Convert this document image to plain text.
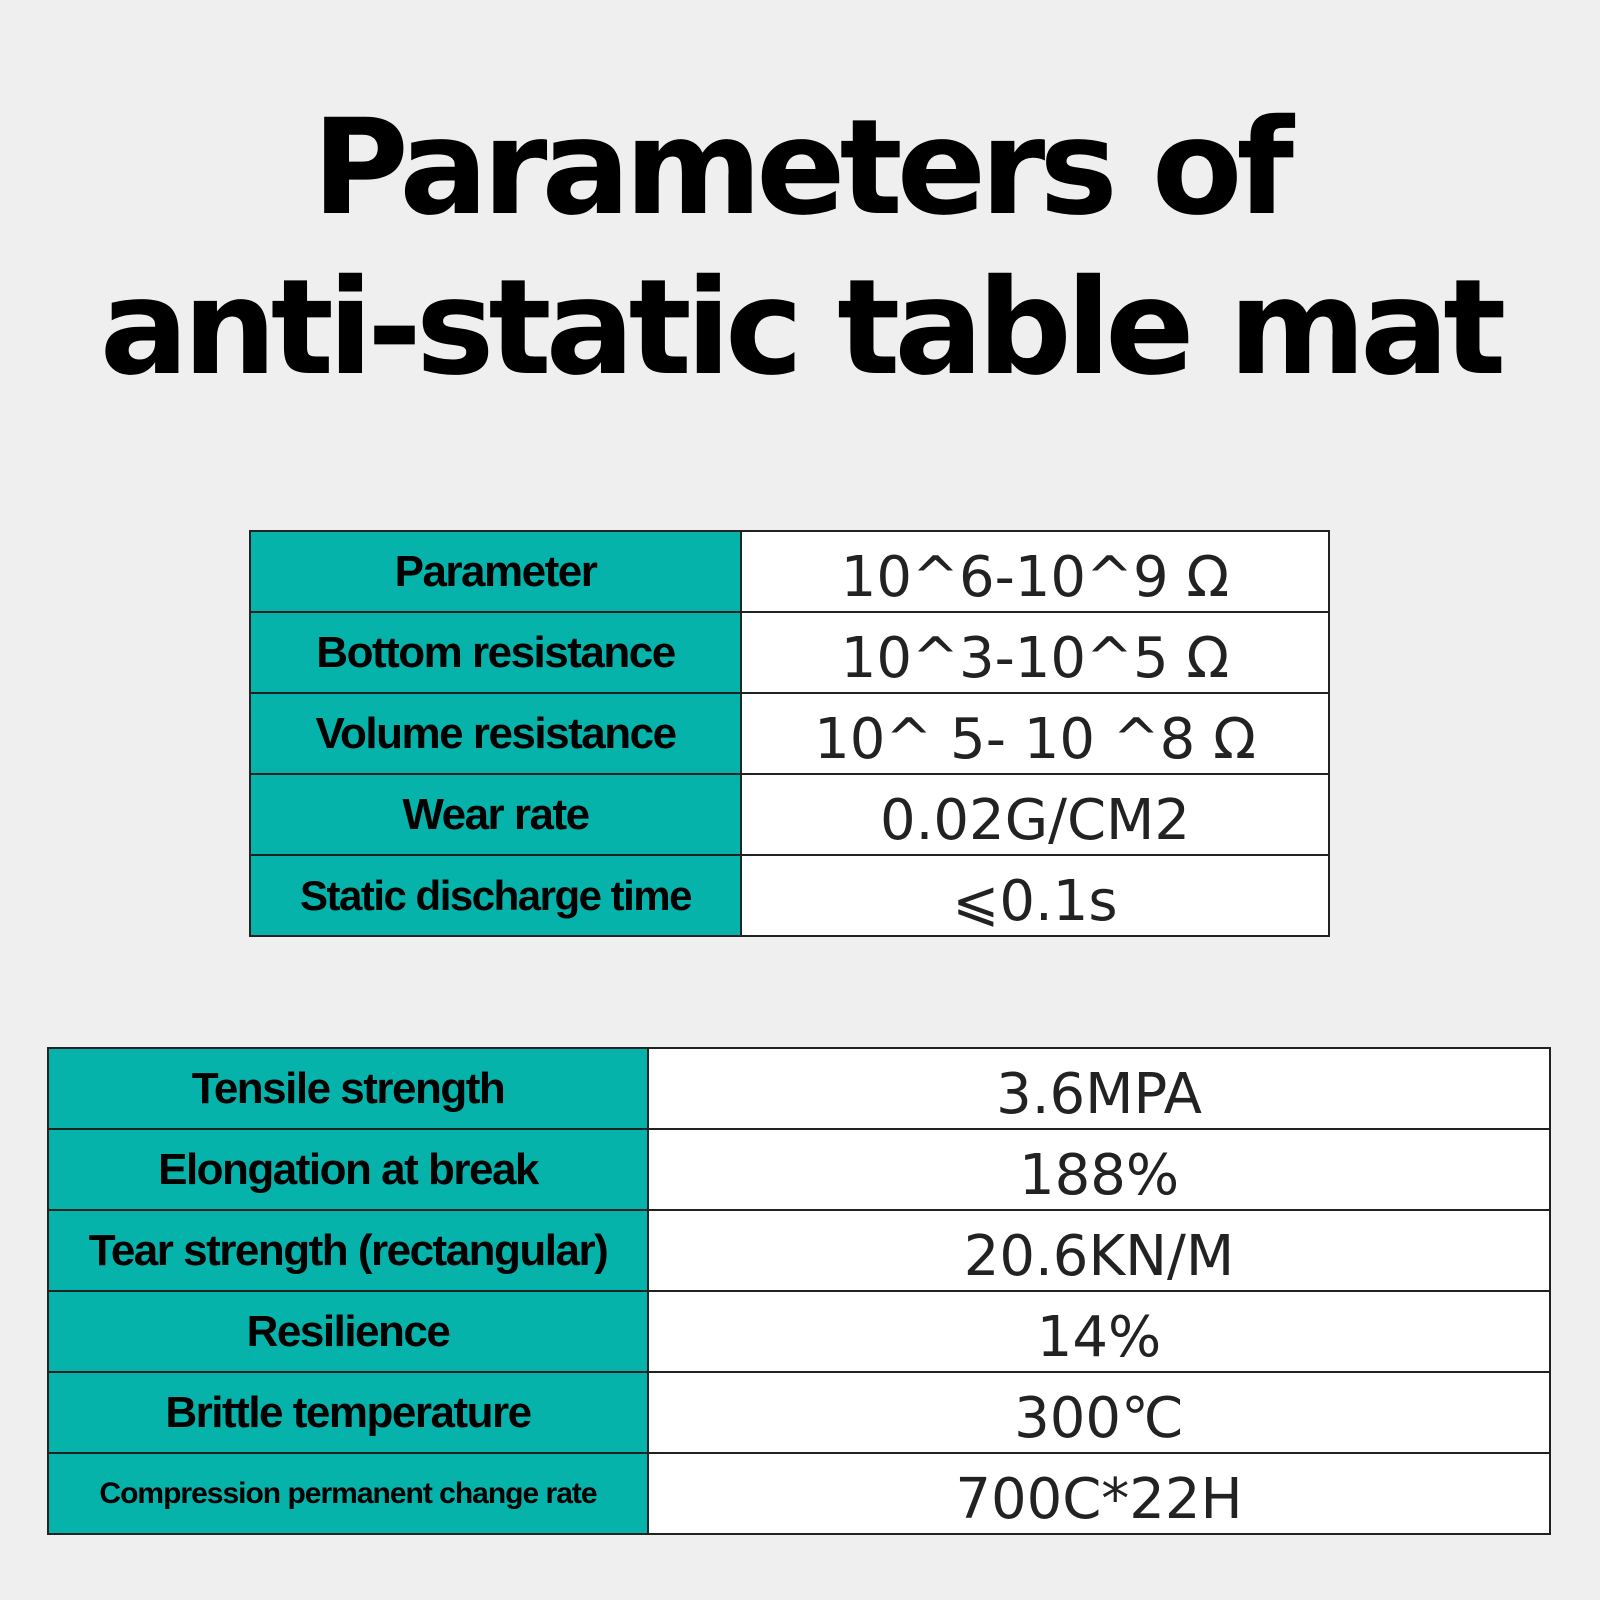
Parameters of
anti-static table mat
Parameter	10^6-10^9 Ω
Bottom resistance	10^3-10^5 Ω
Volume resistance	10^ 5- 10 ^8 Ω
Wear rate	0.02G/CM2
Static discharge time	⩽0.1s
Tensile strength	3.6MPA
Elongation at break	188%
Tear strength (rectangular)	20.6KN/M
Resilience	14%
Brittle temperature	300℃
Compression permanent change rate	700C*22H
